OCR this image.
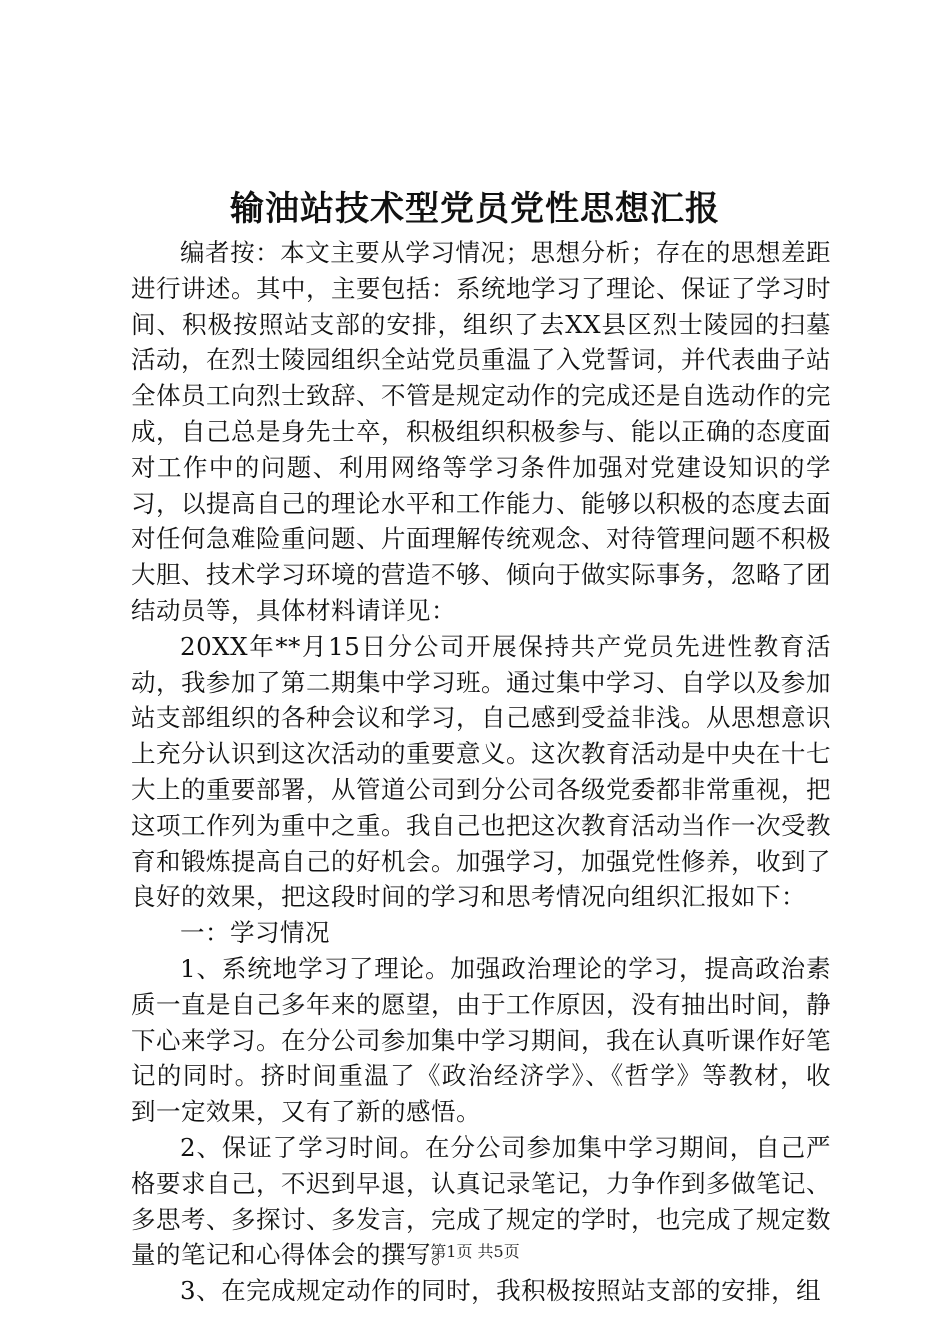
输油站技术型党员党性思想汇报

编者按：本文主要从学习情况；思想分析；存在的思想差距进行讲述。其中，主要包括：系统地学习了理论、保证了学习时间、积极按照站支部的安排，组织了去XX县区烈士陵园的扫墓活动，在烈士陵园组织全站党员重温了入党誓词，并代表曲子站全体员工向烈士致辞、不管是规定动作的完成还是自选动作的完成，自己总是身先士卒，积极组织积极参与、能以正确的态度面对工作中的问题、利用网络等学习条件加强对党建设知识的学习，以提高自己的理论水平和工作能力、能够以积极的态度去面对任何急难险重问题、片面理解传统观念、对待管理问题不积极大胆、技术学习环境的营造不够、倾向于做实际事务，忽略了团结动员等，具体材料请详见：

20XX年**月15日分公司开展保持共产党员先进性教育活动，我参加了第二期集中学习班。通过集中学习、自学以及参加站支部组织的各种会议和学习，自己感到受益非浅。从思想意识上充分认识到这次活动的重要意义。这次教育活动是中央在十七大上的重要部署，从管道公司到分公司各级党委都非常重视，把这项工作列为重中之重。我自己也把这次教育活动当作一次受教育和锻炼提高自己的好机会。加强学习，加强党性修养，收到了良好的效果，把这段时间的学习和思考情况向组织汇报如下：

一：学习情况

1、系统地学习了理论。加强政治理论的学习，提高政治素质一直是自己多年来的愿望，由于工作原因，没有抽出时间，静下心来学习。在分公司参加集中学习期间，我在认真听课作好笔记的同时。挤时间重温了《政治经济学》、《哲学》等教材，收到一定效果，又有了新的感悟。

2、保证了学习时间。在分公司参加集中学习期间，自己严格要求自己，不迟到早退，认真记录笔记，力争作到多做笔记、多思考、多探讨、多发言，完成了规定的学时，也完成了规定数量的笔记和心得体会的撰写。

3、在完成规定动作的同时，我积极按照站支部的安排，组

第1页 共5页
